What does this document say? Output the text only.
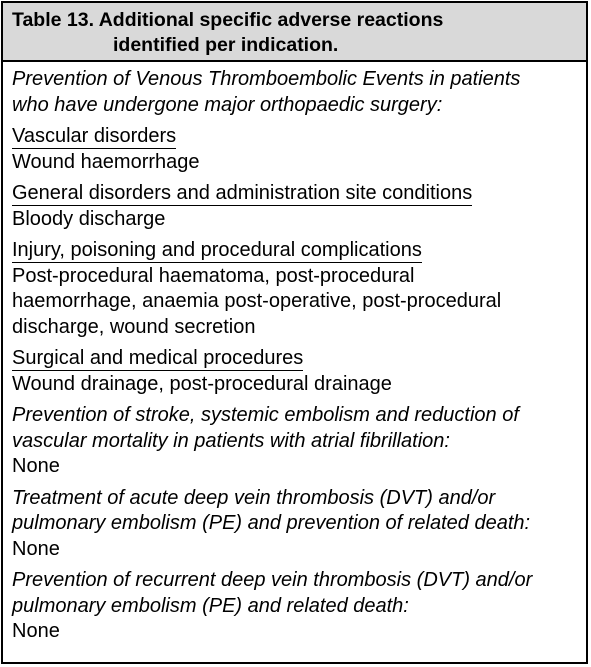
Table 13. Additional specific adverse reactions
identified per indication.
Prevention of Venous Thromboembolic Events in patients
who have undergone major orthopaedic surgery:
Vascular disorders
Wound haemorrhage
General disorders and administration site conditions
Bloody discharge
Injury, poisoning and procedural complications
Post-procedural haematoma, post-procedural
haemorrhage, anaemia post-operative, post-procedural
discharge, wound secretion
Surgical and medical procedures
Wound drainage, post-procedural drainage
Prevention of stroke, systemic embolism and reduction of
vascular mortality in patients with atrial fibrillation:
None
Treatment of acute deep vein thrombosis (DVT) and/or
pulmonary embolism (PE) and prevention of related death:
None
Prevention of recurrent deep vein thrombosis (DVT) and/or
pulmonary embolism (PE) and related death:
None
